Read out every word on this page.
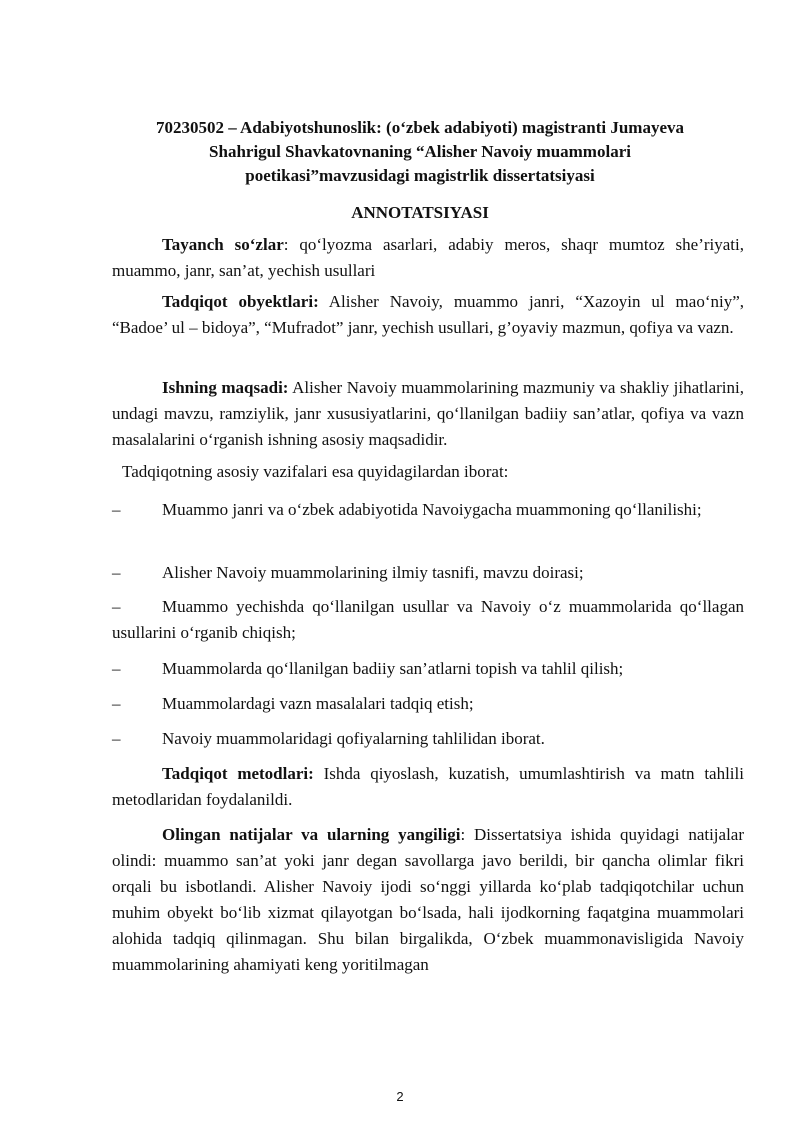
70230502 – Adabiyotshunoslik: (o‘zbek adabiyoti) magistranti Jumayeva
Shahrigul Shavkatovnaning “Alisher Navoiy muammolari
poetikasi”mavzusidagi magistrlik dissertatsiyasi
ANNOTATSIYASI
Tayanch so‘zlar: qo‘lyozma asarlari, adabiy meros, shaqr mumtoz she’riyati, muammo, janr, san’at, yechish usullari
Tadqiqot obyektlari: Alisher Navoiy, muammo janri, “Xazoyin ul mao‘niy”, “Badoe’ ul – bidoya”, “Mufradot” janr, yechish usullari, g’oyaviy mazmun, qofiya va vazn.
Ishning maqsadi: Alisher Navoiy muammolarining mazmuniy va shakliy jihatlarini, undagi mavzu, ramziylik, janr xususiyatlarini, qo‘llanilgan badiiy san’atlar, qofiya va vazn masalalarini o‘rganish ishning asosiy maqsadidir.
Tadqiqotning asosiy vazifalari esa quyidagilardan iborat:
–	Muammo janri va o‘zbek adabiyotida Navoiygacha muammoning qo‘llanilishi;
–	Alisher Navoiy muammolarining ilmiy tasnifi, mavzu doirasi;
–	Muammo yechishda qo‘llanilgan usullar va Navoiy o‘z muammolarida qo‘llagan usullarini o‘rganib chiqish;
–	Muammolarda qo‘llanilgan badiiy san’atlarni topish va tahlil qilish;
–	Muammolardagi vazn masalalari tadqiq etish;
–	Navoiy muammolaridagi qofiyalarning tahlilidan iborat.
Tadqiqot metodlari: Ishda qiyoslash, kuzatish, umumlashtirish va matn tahlili metodlaridan foydalanildi.
Olingan natijalar va ularning yangiligi: Dissertatsiya ishida quyidagi natijalar olindi: muammo san’at yoki janr degan savollarga javo berildi, bir qancha olimlar fikri orqali bu isbotlandi. Alisher Navoiy ijodi so‘nggi yillarda ko‘plab tadqiqotchilar uchun muhim obyekt bo‘lib xizmat qilayotgan bo‘lsada, hali ijodkorning faqatgina muammolari alohida tadqiq qilinmagan. Shu bilan birgalikda, O‘zbek muammonavisligida Navoiy muammolarining ahamiyati keng yoritilmagan
2
